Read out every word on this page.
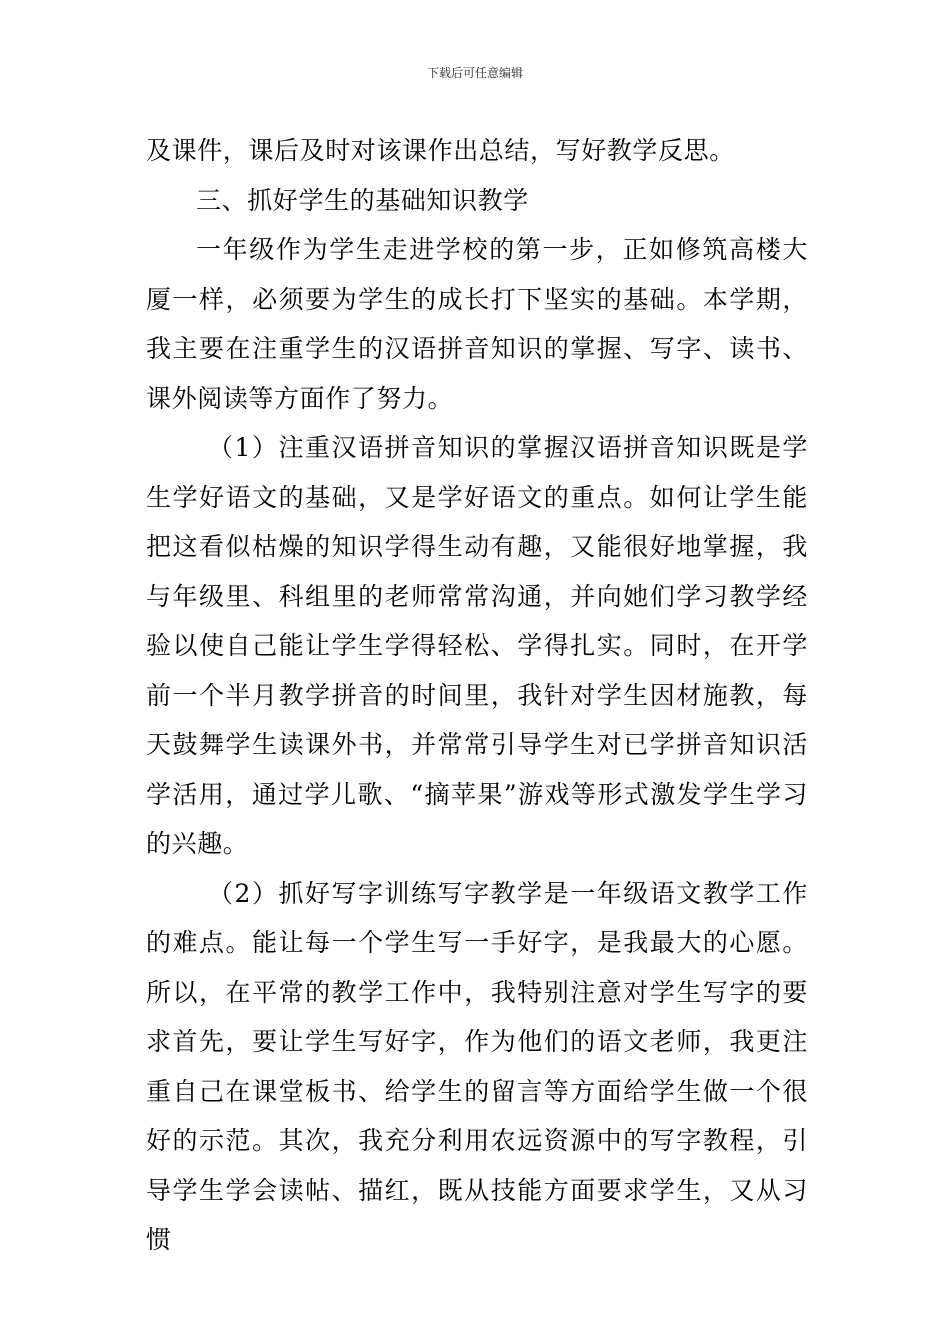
下载后可任意编辑

及课件，课后及时对该课作出总结，写好教学反思。

三、抓好学生的基础知识教学

一年级作为学生走进学校的第一步，正如修筑高楼大厦一样，必须要为学生的成长打下坚实的基础。本学期，我主要在注重学生的汉语拼音知识的掌握、写字、读书、课外阅读等方面作了努力。

（1）注重汉语拼音知识的掌握汉语拼音知识既是学生学好语文的基础，又是学好语文的重点。如何让学生能把这看似枯燥的知识学得生动有趣，又能很好地掌握，我与年级里、科组里的老师常常沟通，并向她们学习教学经验以使自己能让学生学得轻松、学得扎实。同时，在开学前一个半月教学拼音的时间里，我针对学生因材施教，每天鼓舞学生读课外书，并常常引导学生对已学拼音知识活学活用，通过学儿歌、“摘苹果”游戏等形式激发学生学习的兴趣。

（2）抓好写字训练写字教学是一年级语文教学工作的难点。能让每一个学生写一手好字，是我最大的心愿。所以，在平常的教学工作中，我特别注意对学生写字的要求首先，要让学生写好字，作为他们的语文老师，我更注重自己在课堂板书、给学生的留言等方面给学生做一个很好的示范。其次，我充分利用农远资源中的写字教程，引导学生学会读帖、描红，既从技能方面要求学生，又从习惯
